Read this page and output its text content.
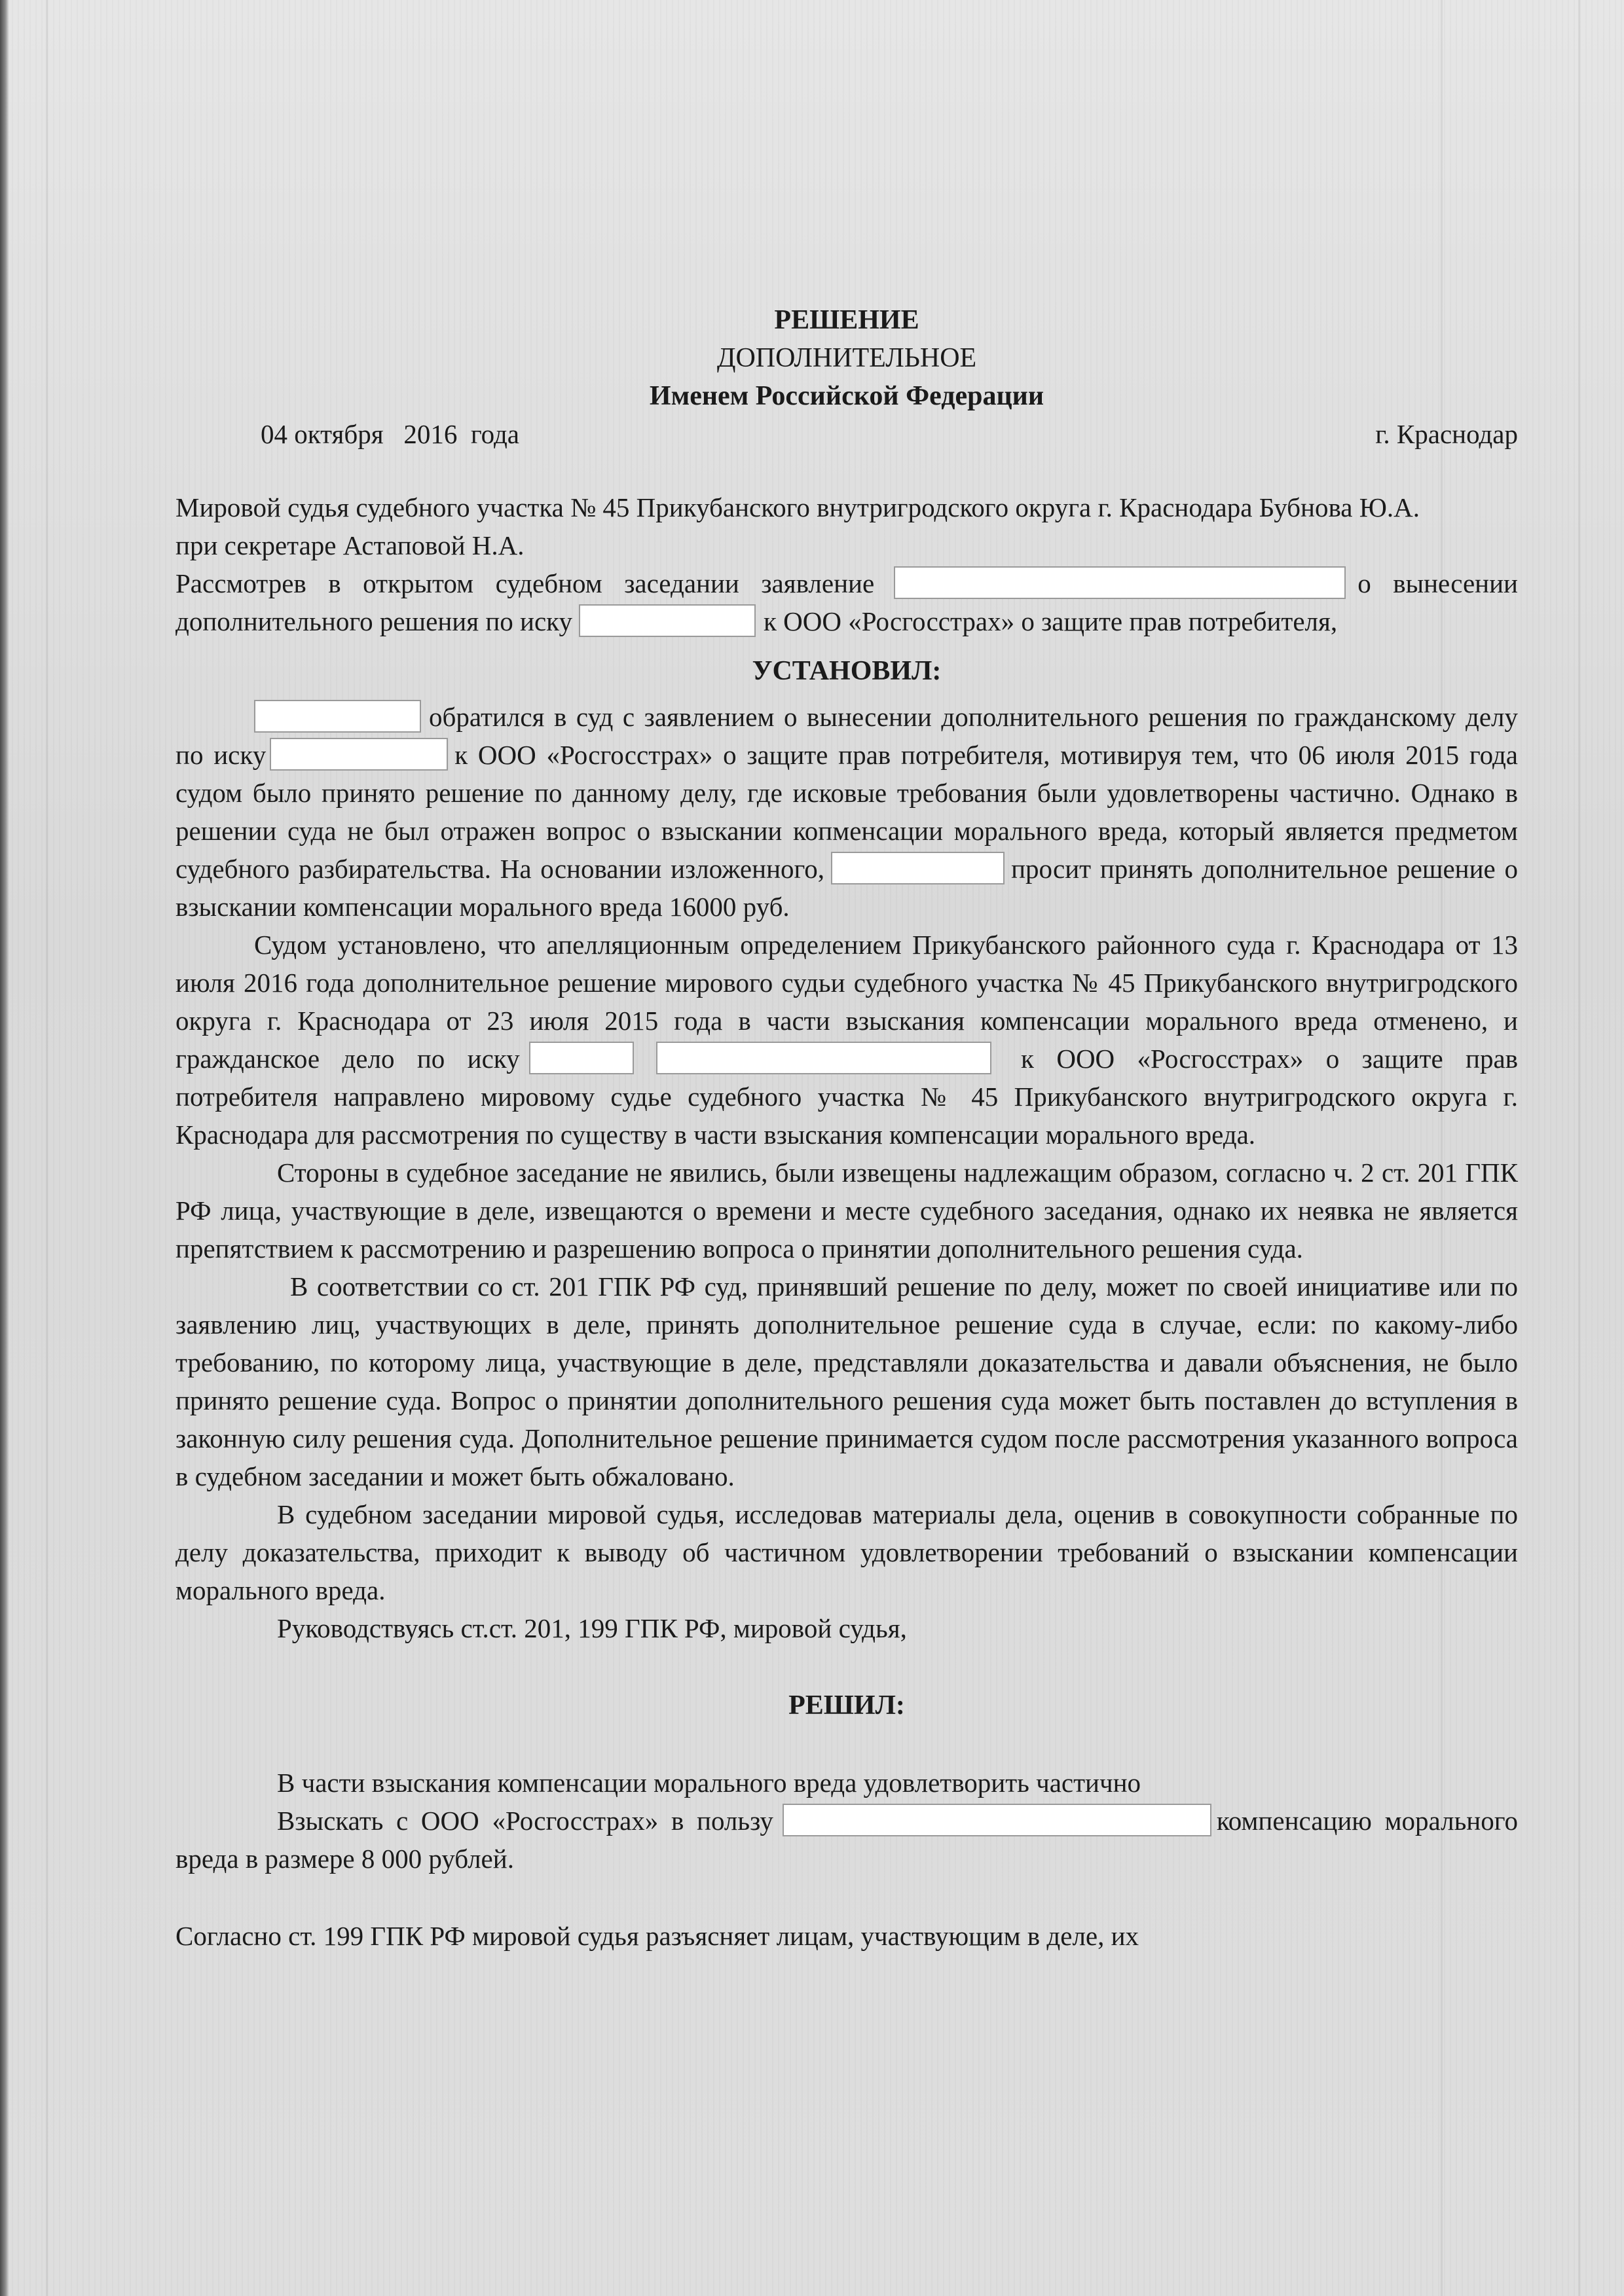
РЕШЕНИЕ
ДОПОЛНИТЕЛЬНОЕ
Именем Российской Федерации
04 октября   2016  года	г. Краснодар

Мировой судья судебного участка № 45 Прикубанского внутригродского округа г. Краснодара Бубнова Ю.А.

при секретаре Астаповой Н.А.

Рассмотрев в открытом судебном заседании заявление	о вынесении дополнительного решения по иску	к ООО «Росгосстрах» о защите прав потребителя,

УСТАНОВИЛ:

обратился в суд с заявлением о вынесении дополнительного решения по гражданскому делу по иску	к ООО «Росгосстрах» о защите прав потребителя, мотивируя тем, что 06 июля 2015 года судом было принято решение по данному делу, где исковые требования были удовлетворены частично. Однако в решении суда не был отражен вопрос о взыскании копменсации морального вреда, который является предметом судебного разбирательства. На основании изложенного,	просит принять дополнительное решение о взыскании компенсации морального вреда 16000 руб.

Судом установлено, что апелляционным определением Прикубанского районного суда г. Краснодара от 13 июля 2016 года дополнительное решение мирового судьи судебного участка № 45 Прикубанского внутригродского округа г. Краснодара от 23 июля 2015 года в части взыскания компенсации морального вреда отменено, и гражданское дело по иску	к ООО «Росгосстрах» о защите прав потребителя направлено мировому судье судебного участка № 45 Прикубанского внутригродского округа г. Краснодара для рассмотрения по существу в части взыскания компенсации морального вреда.

Стороны в судебное заседание не явились, были извещены надлежащим образом, согласно ч. 2 ст. 201 ГПК РФ лица, участвующие в деле, извещаются о времени и месте судебного заседания, однако их неявка не является препятствием к рассмотрению и разрешению вопроса о принятии дополнительного решения суда.

В соответствии со ст. 201 ГПК РФ суд, принявший решение по делу, может по своей инициативе или по заявлению лиц, участвующих в деле, принять дополнительное решение суда в случае, если: по какому-либо требованию, по которому лица, участвующие в деле, представляли доказательства и давали объяснения, не было принято решение суда. Вопрос о принятии дополнительного решения суда может быть поставлен до вступления в законную силу решения суда. Дополнительное решение принимается судом после рассмотрения указанного вопроса в судебном заседании и может быть обжаловано.

В судебном заседании мировой судья, исследовав материалы дела, оценив в совокупности собранные по делу доказательства, приходит к выводу об частичном удовлетворении требований о взыскании компенсации морального вреда.

Руководствуясь ст.ст. 201, 199 ГПК РФ, мировой судья,

РЕШИЛ:

В части взыскания компенсации морального вреда удовлетворить частично

Взыскать с ООО «Росгосстрах» в пользу	компенсацию морального вреда в размере 8 000 рублей.

Согласно ст. 199 ГПК РФ мировой судья разъясняет лицам, участвующим в деле, их
